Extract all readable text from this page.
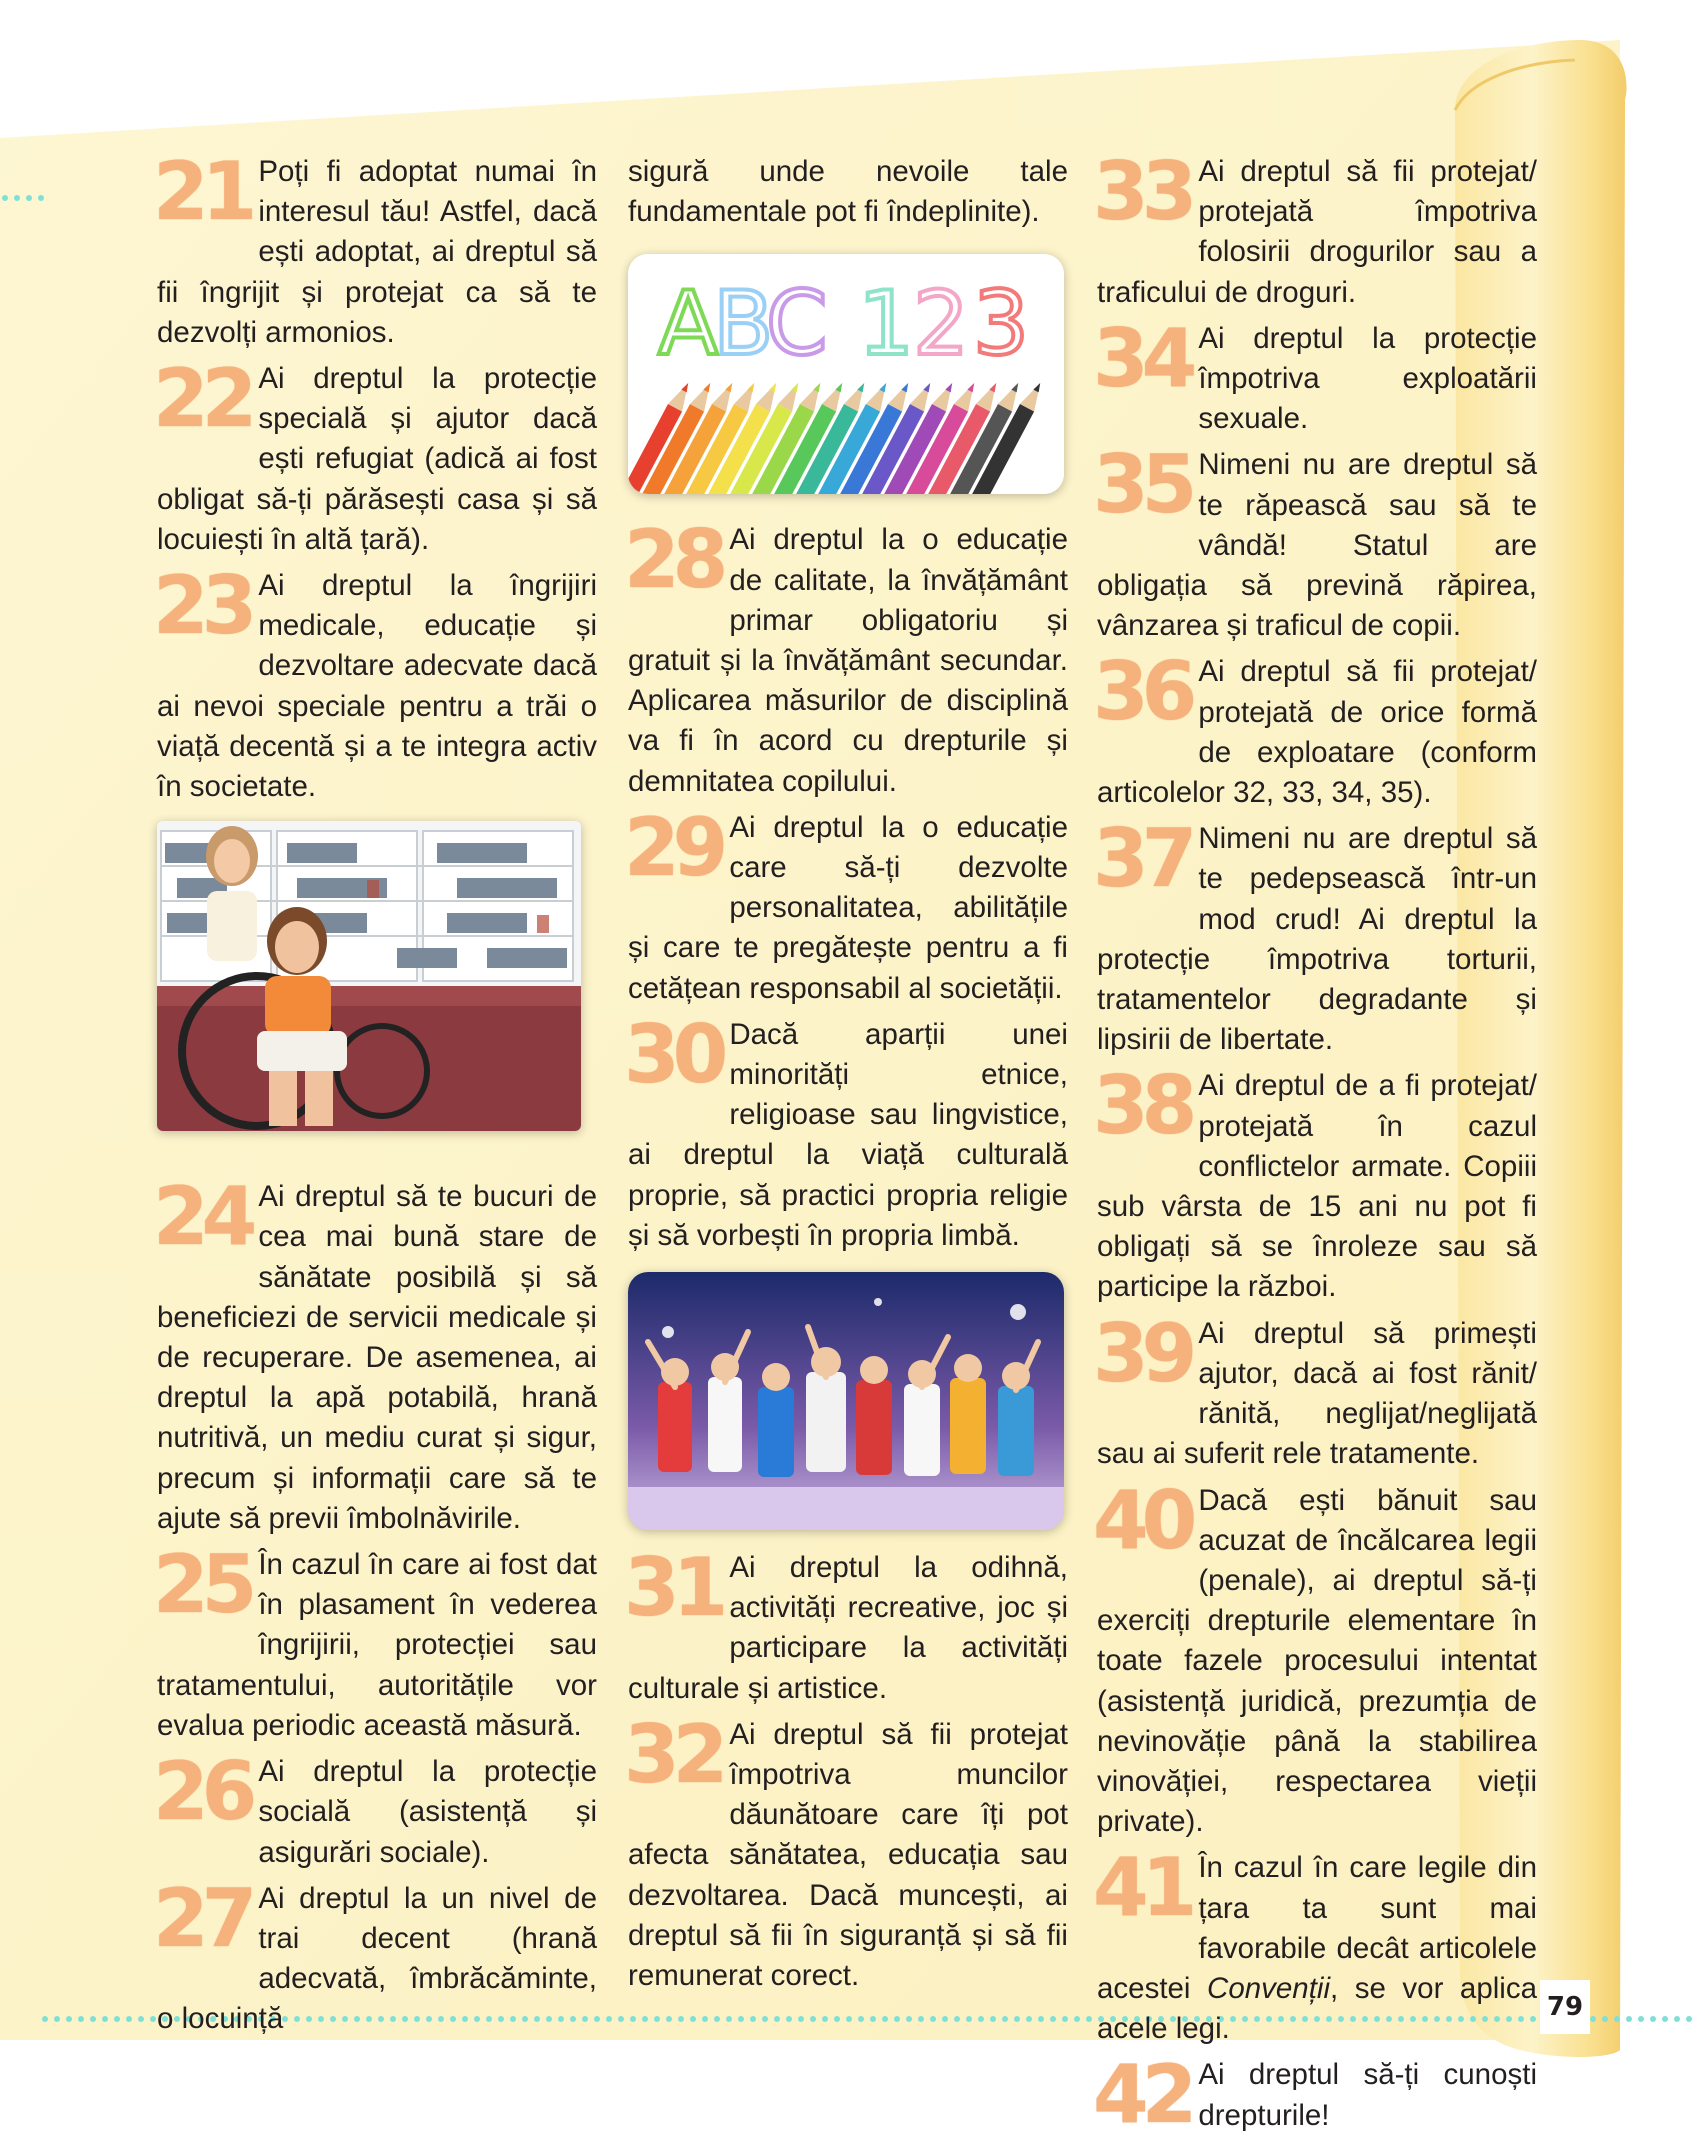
79
21 Poți fi adoptat numai în interesul tău! Astfel, dacă ești adoptat, ai dreptul să fii îngrijit și protejat ca să te dezvolți armonios.
22 Ai dreptul la protecție specială și ajutor dacă ești refugiat (adică ai fost obligat să-ți părăsești casa și să locuiești în altă țară).
23 Ai dreptul la îngrijiri medicale, educație și dezvoltare adecvate dacă ai nevoi speciale pentru a trăi o viață decentă și a te integra activ în societate.
24 Ai dreptul să te bucuri de cea mai bună stare de sănătate posibilă și să beneficiezi de servicii medicale și de recuperare. De asemenea, ai dreptul la apă potabilă, hrană nutritivă, un mediu curat și sigur, precum și informații care să te ajute să previi îmbolnăvirile.
25 În cazul în care ai fost dat în plasament în vederea îngrijirii, protecției sau tratamentului, autoritățile vor evalua periodic această măsură.
26 Ai dreptul la protecție socială (asistență și asigurări sociale).
27 Ai dreptul la un nivel de trai decent (hrană adecvată, îmbrăcăminte, o locuință
sigură unde nevoile tale fundamentale pot fi îndeplinite).
A
B
C 1 2 3
28 Ai dreptul la o educație de calitate, la învățământ primar obligatoriu și gratuit și la învățământ secundar. Aplicarea măsurilor de disciplină va fi în acord cu drepturile și demnitatea copilului.
29 Ai dreptul la o educație care să-ți dezvolte personalitatea, abilitățile și care te pregătește pentru a fi cetățean responsabil al societății.
30 Dacă aparții unei minorități etnice, religioase sau lingvistice, ai dreptul la viață culturală proprie, să practici propria religie și să vorbești în propria limbă.
31 Ai dreptul la odihnă, activități recreative, joc și participare la activități culturale și artistice.
32 Ai dreptul să fii protejat împotriva muncilor dăunătoare care îți pot afecta sănătatea, educația sau dezvoltarea. Dacă muncești, ai dreptul să fii în siguranță și să fii remunerat corect.
33 Ai dreptul să fii protejat/ protejată împotriva folosirii drogurilor sau a traficului de droguri.
34 Ai dreptul la protecție împotriva exploatării sexuale.
35 Nimeni nu are dreptul să te răpească sau să te vândă! Statul are obligația să prevină răpirea, vânzarea și traficul de copii.
36 Ai dreptul să fii protejat/ protejată de orice formă de exploatare (conform articolelor 32, 33, 34, 35).
37 Nimeni nu are dreptul să te pedepsească într-un mod crud! Ai dreptul la protecție împotriva torturii, tratamentelor degradante și lipsirii de libertate.
38 Ai dreptul de a fi protejat/ protejată în cazul conflictelor armate. Copiii sub vârsta de 15 ani nu pot fi obligați să se înroleze sau să participe la război.
39 Ai dreptul să primești ajutor, dacă ai fost rănit/ rănită, neglijat/neglijată sau ai suferit rele tratamente.
40 Dacă ești bănuit sau acuzat de încălcarea legii (penale), ai dreptul să-ți exerciți drepturile elementare în toate fazele procesului intentat (asistență juridică, prezumția de nevinovăție până la stabilirea vinovăției, respectarea vieții private).
41 În cazul în care legile din țara ta sunt mai favorabile decât articolele acestei Convenții, se vor aplica acele legi.
42 Ai dreptul să-ți cunoști drepturile!
